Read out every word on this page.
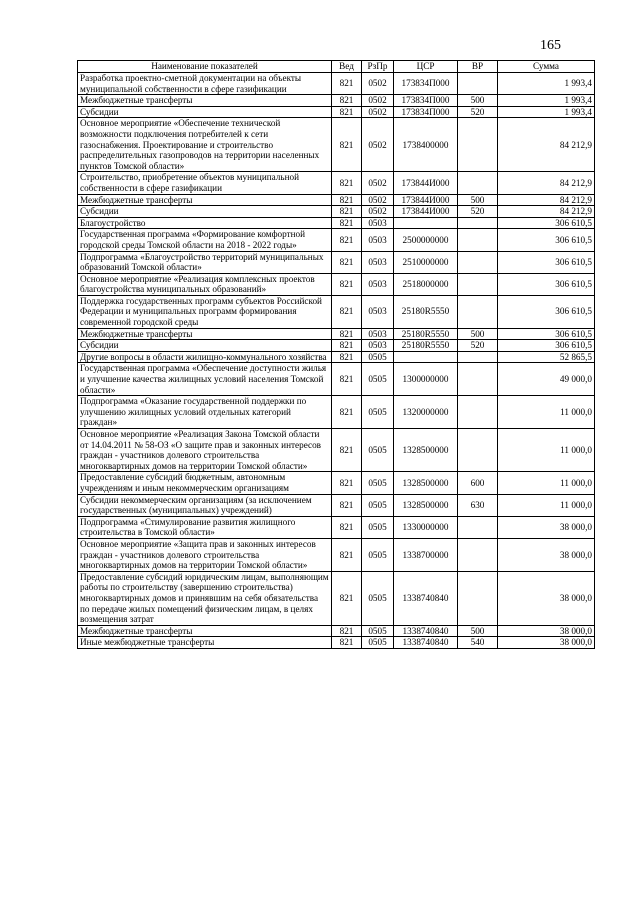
165
Наименование показателей	Вед	РзПр	ЦСР	ВР	Сумма
Разработка проектно-сметной документации на объекты муниципальной собственности в сфере газификации	821	0502	173834П000		1 993,4
Межбюджетные трансферты	821	0502	173834П000	500	1 993,4
Субсидии	821	0502	173834П000	520	1 993,4
Основное мероприятие «Обеспечение технической возможности подключения потребителей к сети газоснабжения. Проектирование и строительство распределительных газопроводов на территории населенных пунктов Томской области»	821	0502	1738400000		84 212,9
Строительство, приобретение объектов муниципальной собственности в сфере газификации	821	0502	173844И000		84 212,9
Межбюджетные трансферты	821	0502	173844И000	500	84 212,9
Субсидии	821	0502	173844И000	520	84 212,9
Благоустройство	821	0503			306 610,5
Государственная программа «Формирование комфортной городской среды Томской области на 2018 - 2022 годы»	821	0503	2500000000		306 610,5
Подпрограмма «Благоустройство территорий муниципальных образований Томской области»	821	0503	2510000000		306 610,5
Основное мероприятие «Реализация комплексных проектов благоустройства муниципальных образований»	821	0503	2518000000		306 610,5
Поддержка государственных программ субъектов Российской Федерации и муниципальных программ формирования современной городской среды	821	0503	25180R5550		306 610,5
Межбюджетные трансферты	821	0503	25180R5550	500	306 610,5
Субсидии	821	0503	25180R5550	520	306 610,5
Другие вопросы в области жилищно-коммунального хозяйства	821	0505			52 865,5
Государственная программа «Обеспечение доступности жилья и улучшение качества жилищных условий населения Томской области»	821	0505	1300000000		49 000,0
Подпрограмма «Оказание государственной поддержки по улучшению жилищных условий отдельных категорий граждан»	821	0505	1320000000		11 000,0
Основное мероприятие «Реализация Закона Томской области от 14.04.2011 № 58-ОЗ «О защите прав и законных интересов граждан - участников долевого строительства многоквартирных домов на территории Томской области»	821	0505	1328500000		11 000,0
Предоставление субсидий бюджетным, автономным учреждениям и иным некоммерческим организациям	821	0505	1328500000	600	11 000,0
Субсидии некоммерческим организациям (за исключением государственных (муниципальных) учреждений)	821	0505	1328500000	630	11 000,0
Подпрограмма «Стимулирование развития жилищного строительства в Томской области»	821	0505	1330000000		38 000,0
Основное мероприятие «Защита прав и законных интересов граждан - участников долевого строительства многоквартирных домов на территории Томской области»	821	0505	1338700000		38 000,0
Предоставление субсидий юридическим лицам, выполняющим работы по строительству (завершению строительства) многоквартирных домов и принявшим на себя обязательства по передаче жилых помещений физическим лицам, в целях возмещения затрат	821	0505	1338740840		38 000,0
Межбюджетные трансферты	821	0505	1338740840	500	38 000,0
Иные межбюджетные трансферты	821	0505	1338740840	540	38 000,0
